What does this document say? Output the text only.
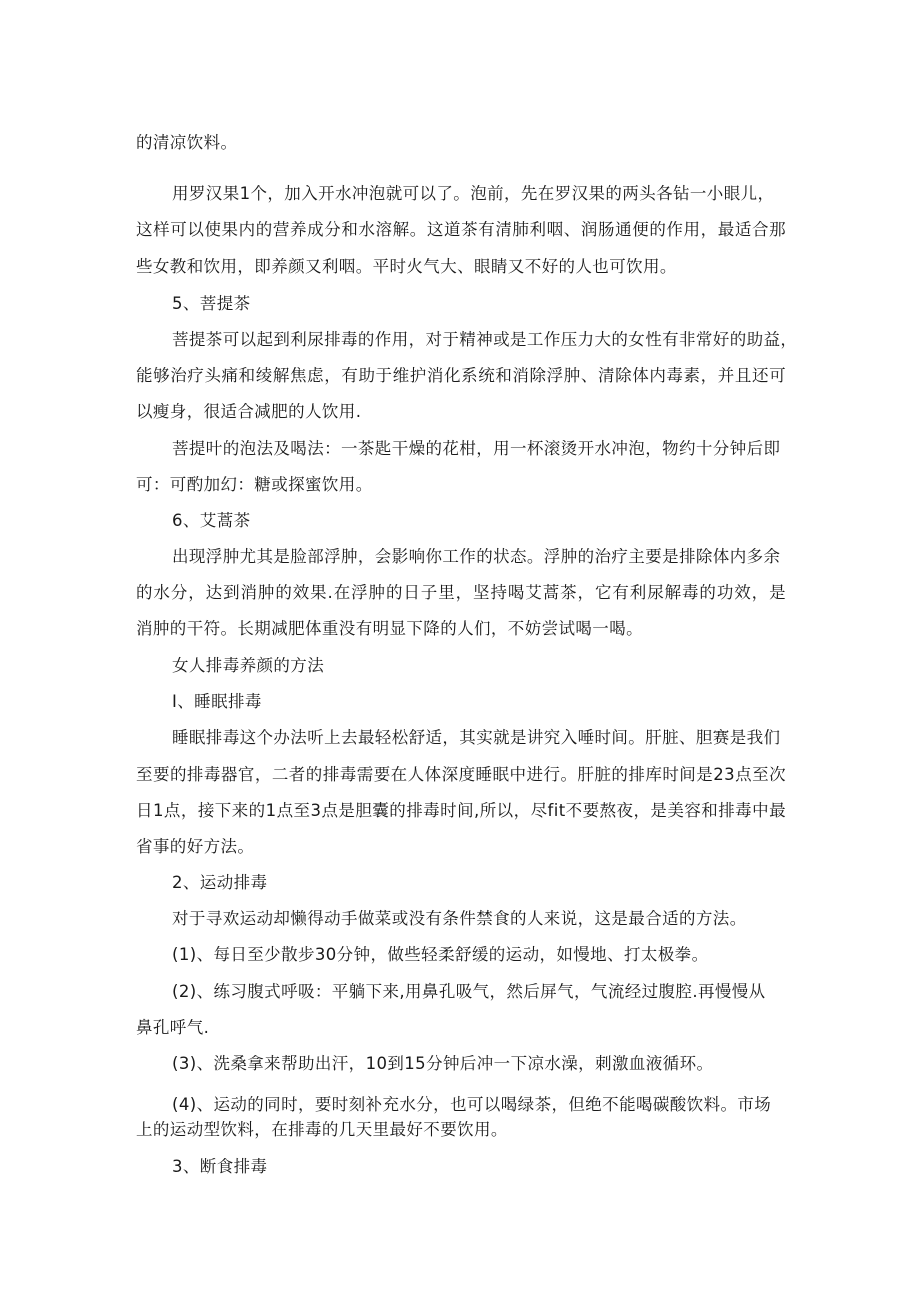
的清凉饮料。
用罗汉果1个，加入开水冲泡就可以了。泡前，先在罗汉果的两头各钻一小眼儿，
这样可以使果内的营养成分和水溶解。这道茶有清肺利咽、润肠通便的作用，最适合那
些女教和饮用，即养颜又利咽。平时火气大、眼睛又不好的人也可饮用。
5、菩提茶
菩提茶可以起到利尿排毒的作用，对于精神或是工作压力大的女性有非常好的助益，
能够治疗头痛和绫解焦虑，有助于维护消化系统和消除浮肿、清除体内毒素，并且还可
以瘦身，很适合减肥的人饮用.
菩提叶的泡法及喝法：一茶匙干燥的花柑，用一杯滚烫开水冲泡，物约十分钟后即
可：可酌加幻：糖或探蜜饮用。
6、艾蒿茶
出现浮肿尤其是脸部浮肿，会影响你工作的状态。浮肿的治疗主要是排除体内多余
的水分，达到消肿的效果.在浮肿的日子里，坚持喝艾蒿茶，它有利尿解毒的功效，是
消肿的干符。长期减肥体重没有明显下降的人们，不妨尝试喝一喝。
女人排毒养颜的方法
I、睡眠排毒
睡眠排毒这个办法听上去最轻松舒适，其实就是讲究入唾时间。肝脏、胆赛是我们
至要的排毒器官，二者的排毒需要在人体深度睡眠中进行。肝脏的排库时间是23点至次
日1点，接下来的1点至3点是胆囊的排毒时间,所以，尽fit不要熬夜，是美容和排毒中最
省事的好方法。
2、运动排毒
对于寻欢运动却懒得动手做菜或没有条件禁食的人来说，这是最合适的方法。
(1)、每日至少散步30分钟，做些轻柔舒缓的运动，如慢地、打太极拳。
(2)、练习腹式呼吸：平躺下来,用鼻孔吸气，然后屏气，气流经过腹腔.再慢慢从
鼻孔呼气.
(3)、洗桑拿来帮助出汗，10到15分钟后冲一下凉水澡，刺激血液循环。
(4)、运动的同时，要时刻补充水分，也可以喝绿茶，但绝不能喝碳酸饮料。市场
上的运动型饮料，在排毒的几天里最好不要饮用。
3、断食排毒
